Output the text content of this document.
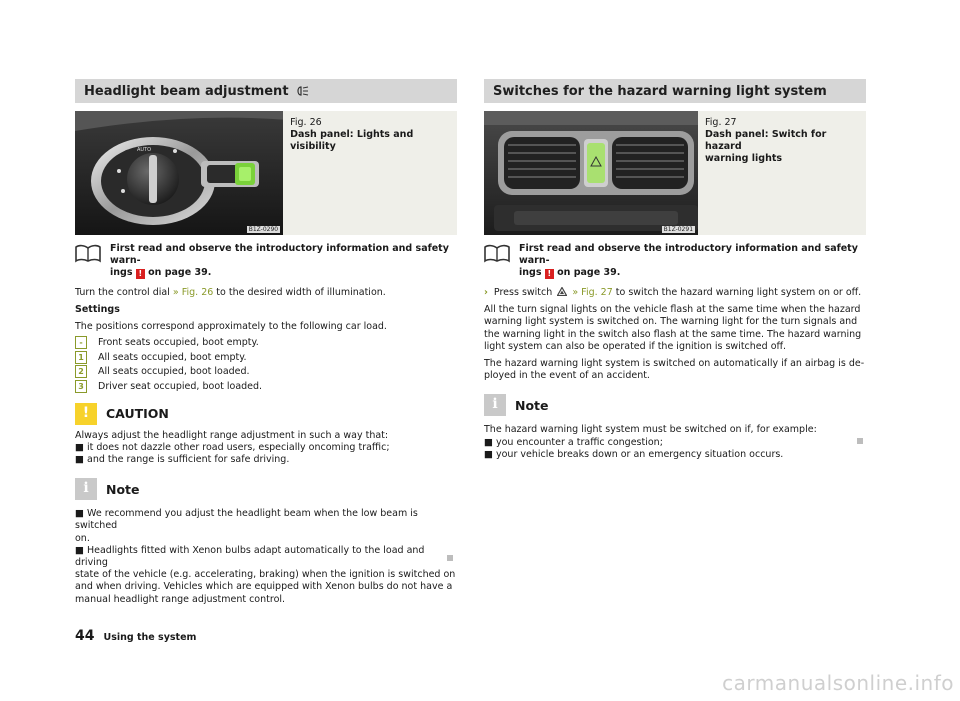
Headlight beam adjustment
AUTO
B1Z-0290
Fig. 26
Dash panel: Lights and visibility
First read and observe the introductory information and safety warn-
ings ! on page 39.

Turn the control dial » Fig. 26 to the desired width of illumination.

Settings

The positions correspond approximately to the following car load.

-	Front seats occupied, boot empty.
1	All seats occupied, boot empty.
2	All seats occupied, boot loaded.
3	Driver seat occupied, boot loaded.
!
CAUTION

Always adjust the headlight range adjustment in such a way that:

■ it does not dazzle other road users, especially oncoming traffic;

■ and the range is sufficient for safe driving.

i
Note

■ We recommend you adjust the headlight beam when the low beam is switched

on.

■ Headlights fitted with Xenon bulbs adapt automatically to the load and driving

state of the vehicle (e.g. accelerating, braking) when the ignition is switched on

and when driving. Vehicles which are equipped with Xenon bulbs do not have a

manual headlight range adjustment control.

Switches for the hazard warning light system
B1Z-0291
Fig. 27
Dash panel: Switch for hazard
warning lights
First read and observe the introductory information and safety warn-
ings ! on page 39.

› Press switch » Fig. 27 to switch the hazard warning light system on or off.

All the turn signal lights on the vehicle flash at the same time when the hazard

warning light system is switched on. The warning light for the turn signals and

the warning light in the switch also flash at the same time. The hazard warning

light system can also be operated if the ignition is switched off.

The hazard warning light system is switched on automatically if an airbag is de-

ployed in the event of an accident.

i
Note

The hazard warning light system must be switched on if, for example:

■ you encounter a traffic congestion;

■ your vehicle breaks down or an emergency situation occurs.

44 Using the system
carmanualsonline.info
